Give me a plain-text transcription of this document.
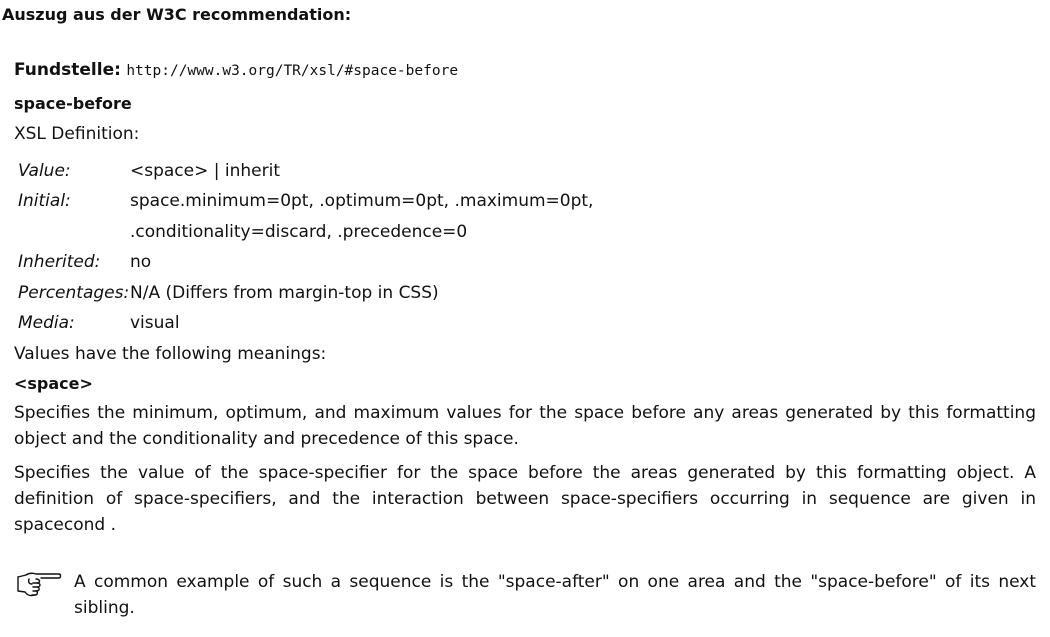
Auszug aus der W3C recommendation:
Fundstelle: http://www.w3.org/TR/xsl/#space-before
space-before
XSL Definition:
Value:	<space> | inherit
Initial:	space.minimum=0pt, .optimum=0pt, .maximum=0pt,
.conditionality=discard, .precedence=0

Inherited:	no
Percentages:	N/A (Differs from margin-top in CSS)
Media:	visual
Values have the following meanings:
<space>
Specifies the minimum, optimum, and maximum values for the space before any areas generated by this formatting object and the conditionality and precedence of this space.
Specifies the value of the space-specifier for the space before the areas generated by this formatting object. A definition of space-specifiers, and the interaction between space-specifiers occurring in sequence are given in spacecond .
A common example of such a sequence is the "space-after" on one area and the "space-before" of its next sibling.
